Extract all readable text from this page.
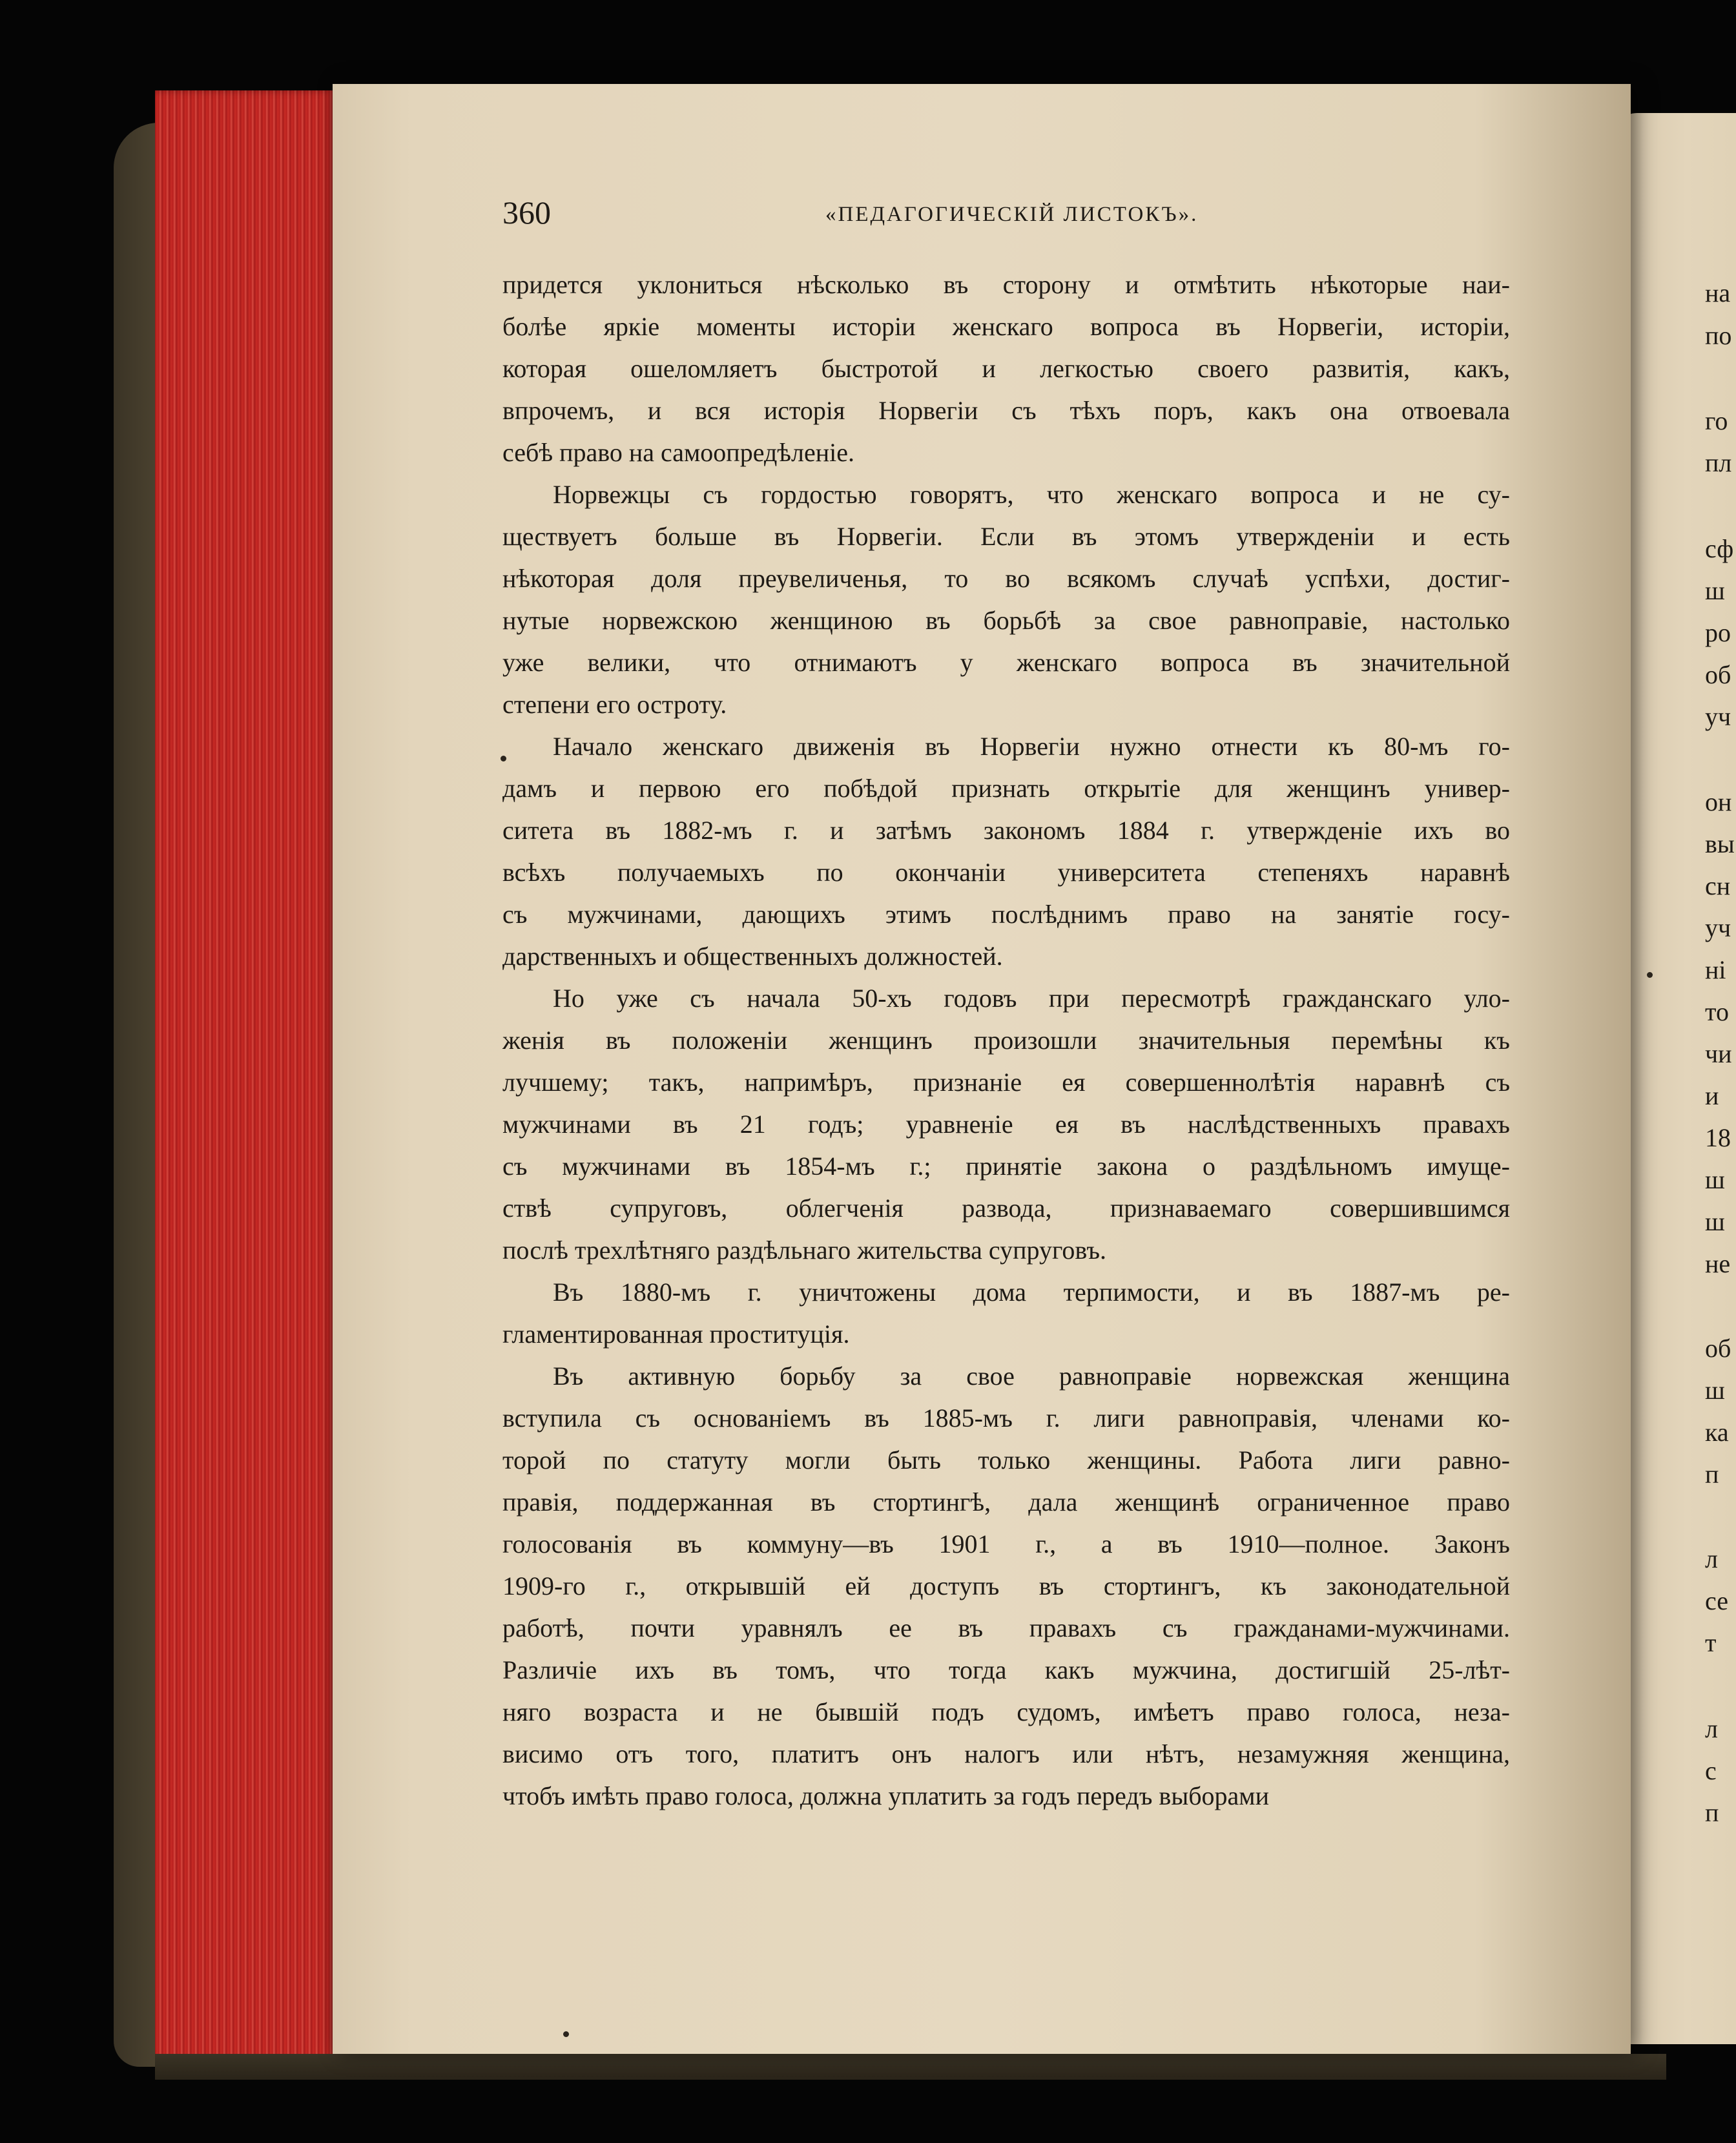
360	«ПЕДАГОГИЧЕСКІЙ ЛИСТОКЪ».
придется уклониться нѣсколько въ сторону и отмѣтить нѣкоторые наи-
болѣе яркіе моменты исторіи женскаго вопроса въ Норвегіи, исторіи,
которая ошеломляетъ быстротой и легкостью своего развитія, какъ,
впрочемъ, и вся исторія Норвегіи съ тѣхъ поръ, какъ она отвоевала
себѣ право на самоопредѣленіе.
Норвежцы съ гордостью говорятъ, что женскаго вопроса и не су-
ществуетъ больше въ Норвегіи. Если въ этомъ утвержденіи и есть
нѣкоторая доля преувеличенья, то во всякомъ случаѣ успѣхи, достиг-
нутые норвежскою женщиною въ борьбѣ за свое равноправіе, настолько
уже велики, что отнимаютъ у женскаго вопроса въ значительной
степени его остроту.
Начало женскаго движенія въ Норвегіи нужно отнести къ 80-мъ го-
дамъ и первою его побѣдой признать открытіе для женщинъ универ-
ситета въ 1882-мъ г. и затѣмъ закономъ 1884 г. утвержденіе ихъ во
всѣхъ получаемыхъ по окончаніи университета степеняхъ наравнѣ
съ мужчинами, дающихъ этимъ послѣднимъ право на занятіе госу-
дарственныхъ и общественныхъ должностей.
Но уже съ начала 50-хъ годовъ при пересмотрѣ гражданскаго уло-
женія въ положеніи женщинъ произошли значительныя перемѣны къ
лучшему; такъ, напримѣръ, признаніе ея совершеннолѣтія наравнѣ съ
мужчинами въ 21 годъ; уравненіе ея въ наслѣдственныхъ правахъ
съ мужчинами въ 1854-мъ г.; принятіе закона о раздѣльномъ имуще-
ствѣ супруговъ, облегченія развода, признаваемаго совершившимся
послѣ трехлѣтняго раздѣльнаго жительства супруговъ.
Въ 1880-мъ г. уничтожены дома терпимости, и въ 1887-мъ ре-
гламентированная проституція.
Въ активную борьбу за свое равноправіе норвежская женщина
вступила съ основаніемъ въ 1885-мъ г. лиги равноправія, членами ко-
торой по статуту могли быть только женщины. Работа лиги равно-
правія, поддержанная въ стортингѣ, дала женщинѣ ограниченное право
голосованія въ коммуну—въ 1901 г., а въ 1910—полное. Законъ
1909-го г., открывшій ей доступъ въ стортингъ, къ законодательной
работѣ, почти уравнялъ ее въ правахъ съ гражданами-мужчинами.
Различіе ихъ въ томъ, что тогда какъ мужчина, достигшій 25-лѣт-
няго возраста и не бывшій подъ судомъ, имѣетъ право голоса, неза-
висимо отъ того, платитъ онъ налогъ или нѣтъ, незамужняя женщина,
чтобъ имѣть право голоса, должна уплатить за годъ передъ выборами
на
по
го
пл
сф
ш
ро
об
уч
он
вы
сн
уч
ні
то
чи
и
18
ш
ш
не
об
ш
ка
п
л
се
т
л
с
п
